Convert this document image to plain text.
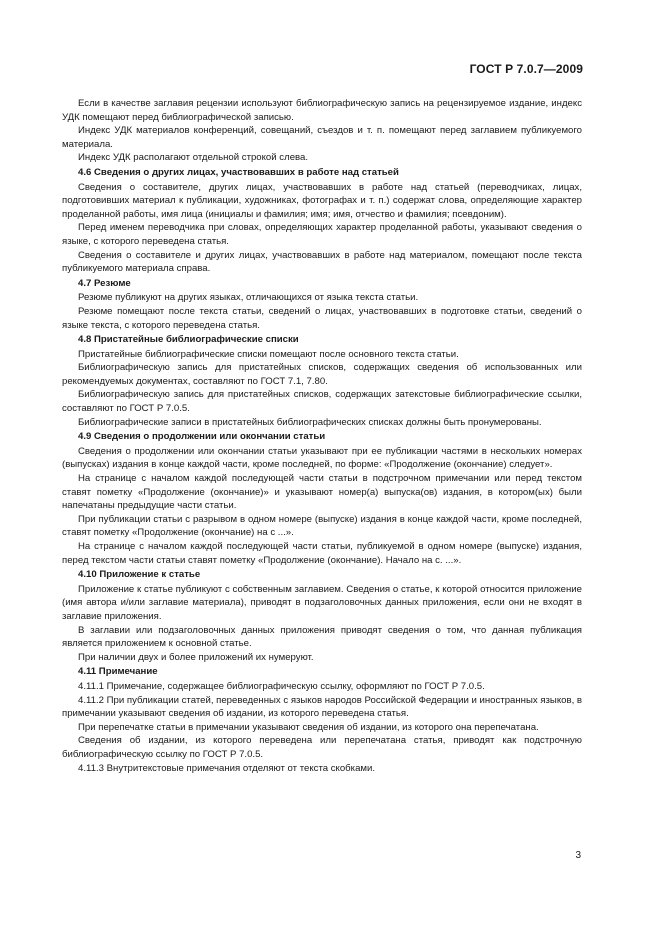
ГОСТ Р 7.0.7—2009

Если в качестве заглавия рецензии используют библиографическую запись на рецензируемое издание, индекс УДК помещают перед библиографической записью.

Индекс УДК материалов конференций, совещаний, съездов и т. п. помещают перед заглавием публикуемого материала.

Индекс УДК располагают отдельной строкой слева.

4.6 Сведения о других лицах, участвовавших в работе над статьей

Сведения о составителе, других лицах, участвовавших в работе над статьей (переводчиках, лицах, подготовивших материал к публикации, художниках, фотографах и т. п.) содержат слова, определяющие характер проделанной работы, имя лица (инициалы и фамилия; имя; имя, отчество и фамилия; псевдоним).

Перед именем переводчика при словах, определяющих характер проделанной работы, указывают сведения о языке, с которого переведена статья.

Сведения о составителе и других лицах, участвовавших в работе над материалом, помещают после текста публикуемого материала справа.

4.7 Резюме

Резюме публикуют на других языках, отличающихся от языка текста статьи.

Резюме помещают после текста статьи, сведений о лицах, участвовавших в подготовке статьи, сведений о языке текста, с которого переведена статья.

4.8 Пристатейные библиографические списки

Пристатейные библиографические списки помещают после основного текста статьи.

Библиографическую запись для пристатейных списков, содержащих сведения об использованных или рекомендуемых документах, составляют по ГОСТ 7.1, 7.80.

Библиографическую запись для пристатейных списков, содержащих затекстовые библиографические ссылки, составляют по ГОСТ Р 7.0.5.

Библиографические записи в пристатейных библиографических списках должны быть пронумерованы.

4.9 Сведения о продолжении или окончании статьи

Сведения о продолжении или окончании статьи указывают при ее публикации частями в нескольких номерах (выпусках) издания в конце каждой части, кроме последней, по форме: «Продолжение (окончание) следует».

На странице с началом каждой последующей части статьи в подстрочном примечании или перед текстом ставят пометку «Продолжение (окончание)» и указывают номер(а) выпуска(ов) издания, в котором(ых) были напечатаны предыдущие части статьи.

При публикации статьи с разрывом в одном номере (выпуске) издания в конце каждой части, кроме последней, ставят пометку «Продолжение (окончание) на с ...».

На странице с началом каждой последующей части статьи, публикуемой в одном номере (выпуске) издания, перед текстом части статьи ставят пометку «Продолжение (окончание). Начало на с. ...».

4.10 Приложение к статье

Приложение к статье публикуют с собственным заглавием. Сведения о статье, к которой относится приложение (имя автора и/или заглавие материала), приводят в подзаголовочных данных приложения, если они не входят в заглавие приложения.

В заглавии или подзаголовочных данных приложения приводят сведения о том, что данная публикация является приложением к основной статье.

При наличии двух и более приложений их нумеруют.

4.11 Примечание

4.11.1 Примечание, содержащее библиографическую ссылку, оформляют по ГОСТ Р 7.0.5.

4.11.2 При публикации статей, переведенных с языков народов Российской Федерации и иностранных языков, в примечании указывают сведения об издании, из которого переведена статья.

При перепечатке статьи в примечании указывают сведения об издании, из которого она перепечатана.

Сведения об издании, из которого переведена или перепечатана статья, приводят как подстрочную библиографическую ссылку по ГОСТ Р 7.0.5.

4.11.3 Внутритекстовые примечания отделяют от текста скобками.

3
